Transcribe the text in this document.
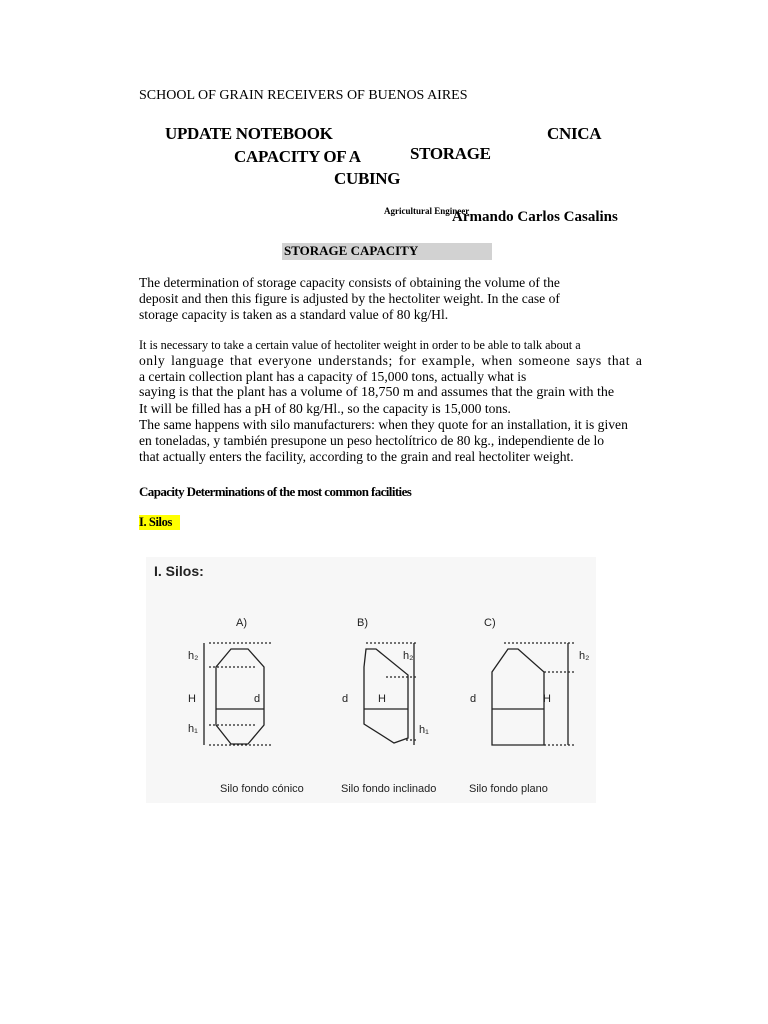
SCHOOL OF GRAIN RECEIVERS OF BUENOS AIRES
UPDATE NOTEBOOK	CNICA
CAPACITY OF A	STORAGE
CUBING
Agricultural Engineer
Armando Carlos Casalins
STORAGE CAPACITY
The determination of storage capacity consists of obtaining the volume of the
deposit and then this figure is adjusted by the hectoliter weight. In the case of
storage capacity is taken as a standard value of 80 kg/Hl.
It is necessary to take a certain value of hectoliter weight in order to be able to talk about a
only language that everyone understands; for example, when someone says that a
a certain collection plant has a capacity of 15,000 tons, actually what is
saying is that the plant has a volume of 18,750 m and assumes that the grain with the
It will be filled has a pH of 80 kg/Hl., so the capacity is 15,000 tons.
The same happens with silo manufacturers: when they quote for an installation, it is given
en toneladas, y también presupone un peso hectolítrico de 80 kg., independiente de lo
that actually enters the facility, according to the grain and real hectoliter weight.
Capacity Determinations of the most common facilities
I. Silos
I. Silos:
A)	B)	C)
h₂
H
h₁
d
h₂
d	H
h₁
h₂
d	H
Silo fondo cónico	Silo fondo inclinado	Silo fondo plano
